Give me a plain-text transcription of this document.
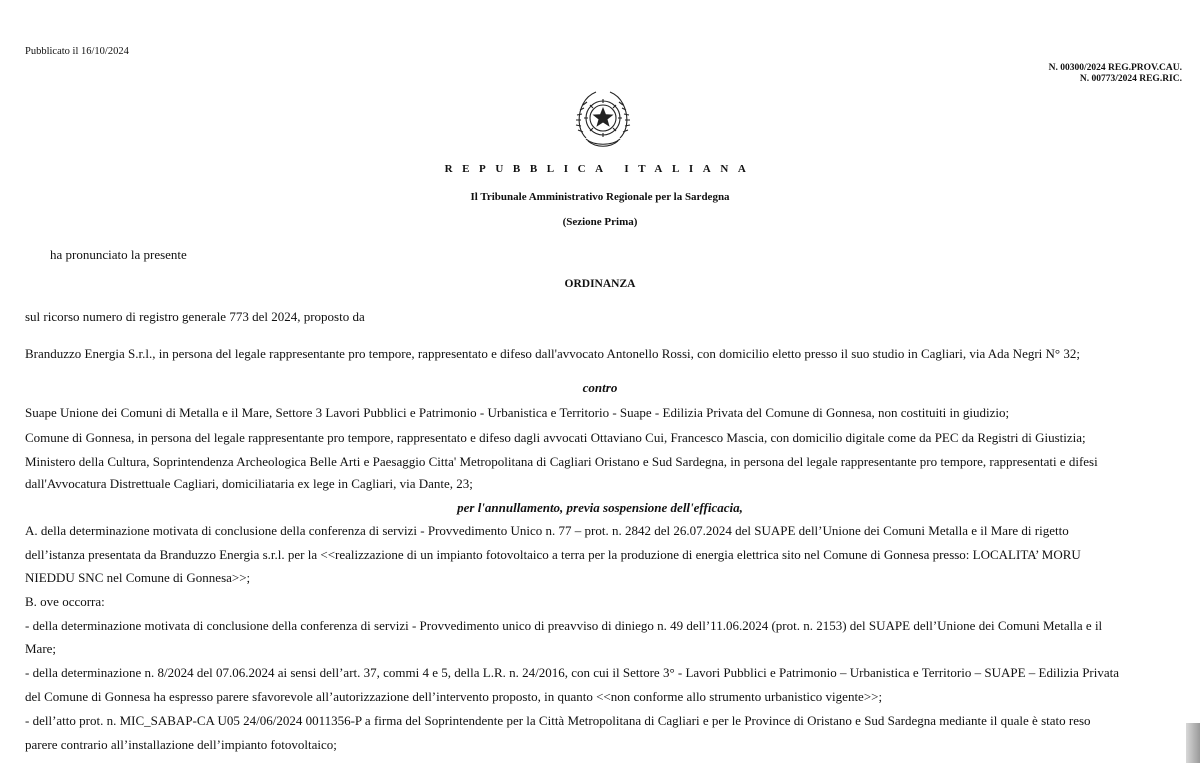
Pubblicato il 16/10/2024
N. 00300/2024 REG.PROV.CAU.
N. 00773/2024 REG.RIC.
REPUBBLICA ITALIANA
Il Tribunale Amministrativo Regionale per la Sardegna
(Sezione Prima)
ha pronunciato la presente
ORDINANZA
sul ricorso numero di registro generale 773 del 2024, proposto da
Branduzzo Energia S.r.l., in persona del legale rappresentante pro tempore, rappresentato e difeso dall'avvocato Antonello Rossi, con domicilio eletto presso il suo studio in Cagliari, via Ada Negri N° 32;
contro
Suape Unione dei Comuni di Metalla e il Mare, Settore 3 Lavori Pubblici e Patrimonio - Urbanistica e Territorio - Suape - Edilizia Privata del Comune di Gonnesa, non costituiti in giudizio;
Comune di Gonnesa, in persona del legale rappresentante pro tempore, rappresentato e difeso dagli avvocati Ottaviano Cui, Francesco Mascia, con domicilio digitale come da PEC da Registri di Giustizia;
Ministero della Cultura, Soprintendenza Archeologica Belle Arti e Paesaggio Citta' Metropolitana di Cagliari Oristano e Sud Sardegna, in persona del legale rappresentante pro tempore, rappresentati e difesi
dall'Avvocatura Distrettuale Cagliari, domiciliataria ex lege in Cagliari, via Dante, 23;
per l'annullamento, previa sospensione dell'efficacia,
A. della determinazione motivata di conclusione della conferenza di servizi - Provvedimento Unico n. 77 – prot. n. 2842 del 26.07.2024 del SUAPE dell’Unione dei Comuni Metalla e il Mare di rigetto
dell’istanza presentata da Branduzzo Energia s.r.l. per la <<realizzazione di un impianto fotovoltaico a terra per la produzione di energia elettrica sito nel Comune di Gonnesa presso: LOCALITA’ MORU
NIEDDU SNC nel Comune di Gonnesa>>;
B. ove occorra:
- della determinazione motivata di conclusione della conferenza di servizi - Provvedimento unico di preavviso di diniego n. 49 dell’11.06.2024 (prot. n. 2153) del SUAPE dell’Unione dei Comuni Metalla e il
Mare;
- della determinazione n. 8/2024 del 07.06.2024 ai sensi dell’art. 37, commi 4 e 5, della L.R. n. 24/2016, con cui il Settore 3° - Lavori Pubblici e Patrimonio – Urbanistica e Territorio – SUAPE – Edilizia Privata
del Comune di Gonnesa ha espresso parere sfavorevole all’autorizzazione dell’intervento proposto, in quanto <<non conforme allo strumento urbanistico vigente>>;
- dell’atto prot. n. MIC_SABAP-CA U05 24/06/2024 0011356-P a firma del Soprintendente per la Città Metropolitana di Cagliari e per le Province di Oristano e Sud Sardegna mediante il quale è stato reso
parere contrario all’installazione dell’impianto fotovoltaico;
